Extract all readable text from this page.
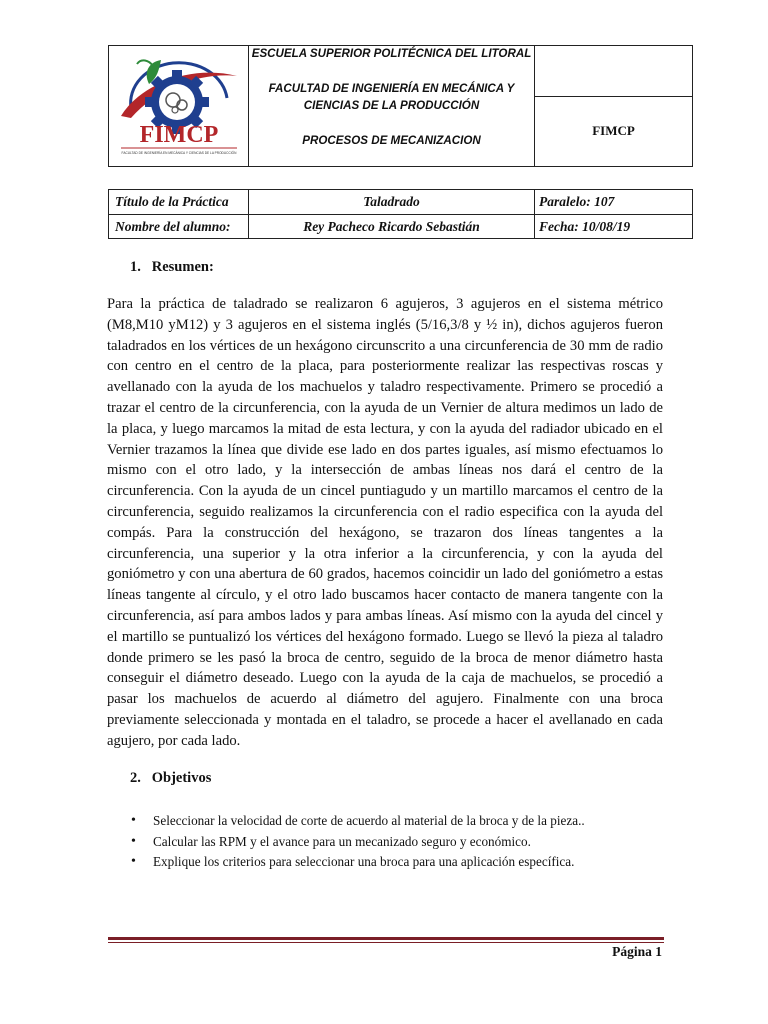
FIMCP
FACULTAD DE INGENIERÍA EN MECÁNICA Y CIENCIAS DE LA PRODUCCIÓN
ESCUELA SUPERIOR POLITÉCNICA DEL LITORAL
FACULTAD DE INGENIERÍA EN MECÁNICA Y
CIENCIAS DE LA PRODUCCIÓN
PROCESOS DE MECANIZACION
FIMCP
Título de la Práctica	Taladrado	Paralelo: 107
Nombre del alumno:	Rey Pacheco Ricardo Sebastián	Fecha: 10/08/19
1.  Resumen:
Para la práctica de taladrado se realizaron 6 agujeros, 3 agujeros en el sistema métrico (M8,M10 yM12) y 3 agujeros en el sistema inglés (5/16,3/8 y ½ in), dichos agujeros fueron taladrados en los vértices de un hexágono circunscrito a una circunferencia de 30 mm de radio con centro en el centro de la placa, para posteriormente realizar las respectivas roscas y avellanado con la ayuda de los machuelos y taladro respectivamente. Primero se procedió a trazar el centro de la circunferencia, con la ayuda de un Vernier de altura medimos un lado de la placa, y luego marcamos la mitad de esta lectura, y con la ayuda del radiador ubicado en el Vernier trazamos la línea que divide ese lado en dos partes iguales, así mismo efectuamos lo mismo con el otro lado, y la intersección de ambas líneas nos dará el centro de la circunferencia. Con la ayuda de un cincel puntiagudo y un martillo marcamos el centro de la circunferencia, seguido realizamos la circunferencia con el radio especifica con la ayuda del compás. Para la construcción del hexágono, se trazaron dos líneas tangentes a la circunferencia, una superior y la otra inferior a la circunferencia, y con la ayuda del goniómetro y con una abertura de 60 grados, hacemos coincidir un lado del goniómetro a estas líneas tangente al círculo, y el otro lado buscamos hacer contacto de manera tangente con la circunferencia, así para ambos lados y para ambas líneas. Así mismo con la ayuda del cincel y el martillo se puntualizó los vértices del hexágono formado. Luego se llevó la pieza al taladro donde primero se les pasó la broca de centro, seguido de la broca de menor diámetro hasta conseguir el diámetro deseado. Luego con la ayuda de la caja de machuelos, se procedió a pasar los machuelos de acuerdo al diámetro del agujero. Finalmente con una broca previamente seleccionada y montada en el taladro, se procede a hacer el avellanado en cada agujero, por cada lado.
2.  Objetivos
• Seleccionar la velocidad de corte de acuerdo al material de la broca y de la pieza..
• Calcular las RPM y el avance para un mecanizado seguro y económico.
• Explique los criterios para seleccionar una broca para una aplicación específica.
Página 1
